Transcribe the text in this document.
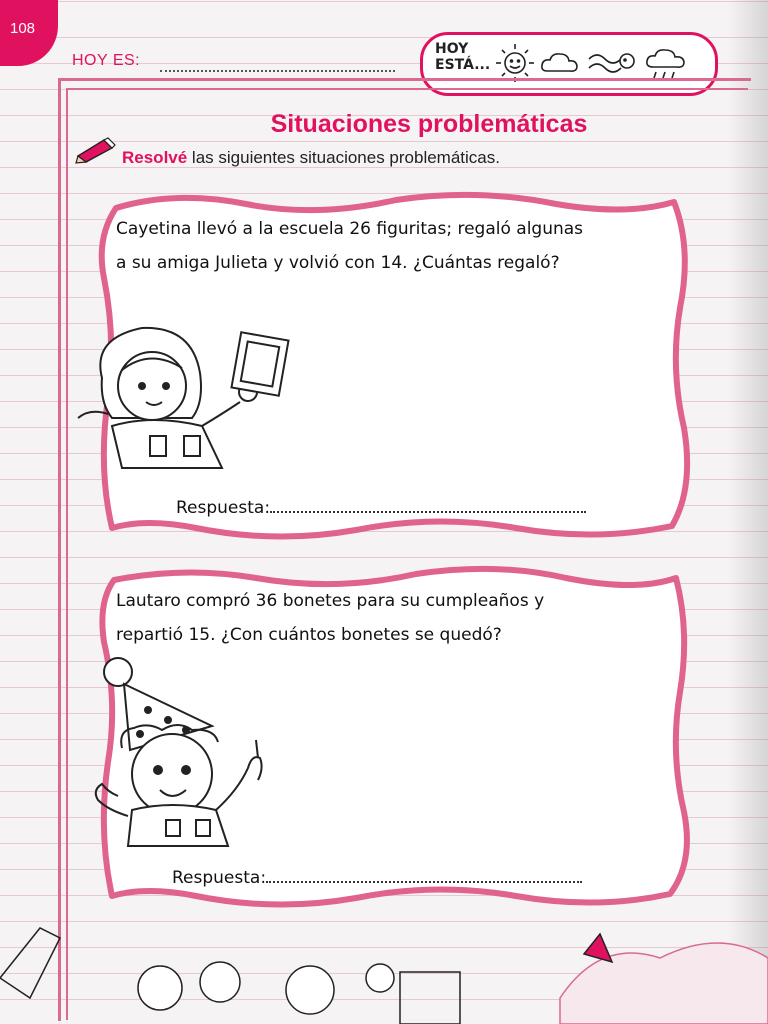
108
HOY ES:
HOY
ESTÁ...
Situaciones problemáticas
Resolvé las siguientes situaciones problemáticas.
Cayetina llevó a la escuela 26 figuritas; regaló algunas
a su amiga Julieta y volvió con 14. ¿Cuántas regaló?
Respuesta:
Lautaro compró 36 bonetes para su cumpleaños y
repartió 15. ¿Con cuántos bonetes se quedó?
Respuesta:
